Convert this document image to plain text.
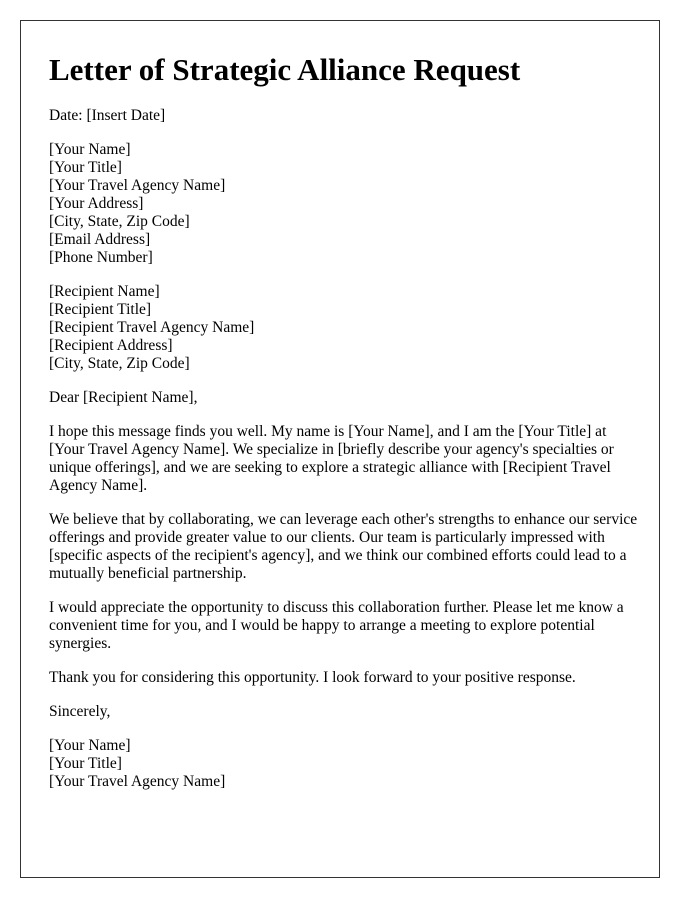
Letter of Strategic Alliance Request
Date: [Insert Date]
[Your Name]
[Your Title]
[Your Travel Agency Name]
[Your Address]
[City, State, Zip Code]
[Email Address]
[Phone Number]
[Recipient Name]
[Recipient Title]
[Recipient Travel Agency Name]
[Recipient Address]
[City, State, Zip Code]
Dear [Recipient Name],

I hope this message finds you well. My name is [Your Name], and I am the [Your Title] at [Your Travel Agency Name]. We specialize in [briefly describe your agency's specialties or unique offerings], and we are seeking to explore a strategic alliance with [Recipient Travel Agency Name].

We believe that by collaborating, we can leverage each other's strengths to enhance our service offerings and provide greater value to our clients. Our team is particularly impressed with [specific aspects of the recipient's agency], and we think our combined efforts could lead to a mutually beneficial partnership.

I would appreciate the opportunity to discuss this collaboration further. Please let me know a convenient time for you, and I would be happy to arrange a meeting to explore potential synergies.

Thank you for considering this opportunity. I look forward to your positive response.

Sincerely,
[Your Name]
[Your Title]
[Your Travel Agency Name]
